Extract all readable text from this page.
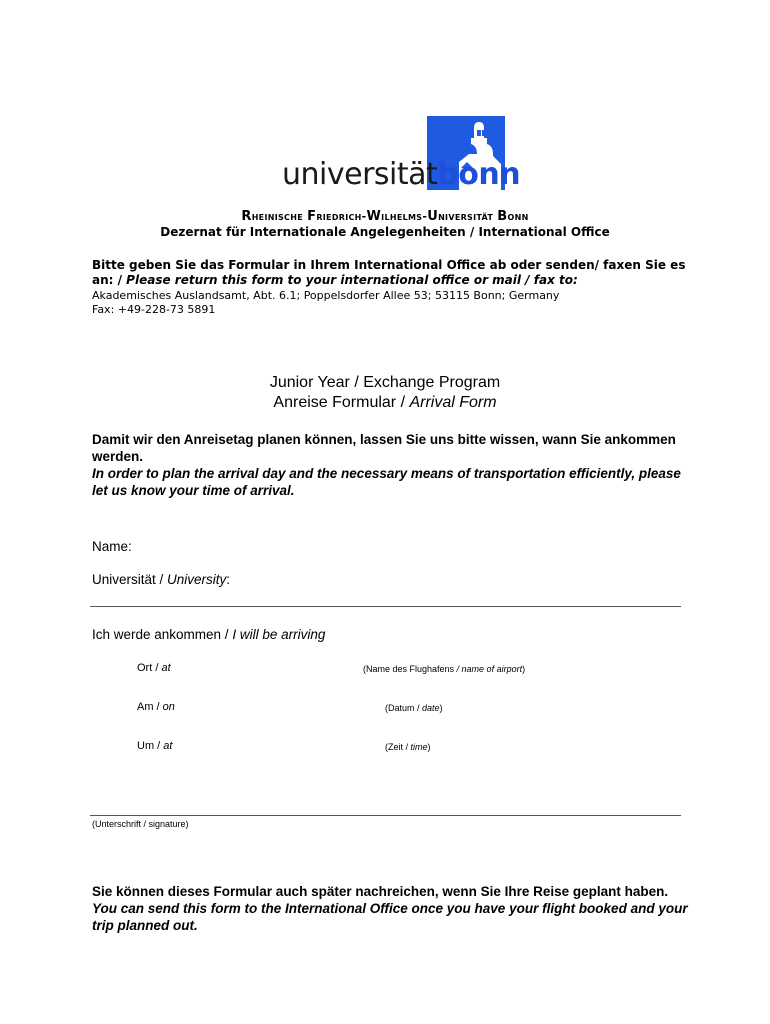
universitätbonn
Rheinische Friedrich-Wilhelms-Universität Bonn
Dezernat für Internationale Angelegenheiten / International Office
Bitte geben Sie das Formular in Ihrem International Office ab oder senden/ faxen Sie es an: / Please return this form to your international office or mail / fax to:
Akademisches Auslandsamt, Abt. 6.1; Poppelsdorfer Allee 53; 53115 Bonn; Germany
Fax: +49-228-73 5891
Junior Year / Exchange Program
Anreise Formular / Arrival Form
Damit wir den Anreisetag planen können, lassen Sie uns bitte wissen, wann Sie ankommen werden.
In order to plan the arrival day and the necessary means of transportation efficiently, please let us know your time of arrival.
Name:
Universität / University:
Ich werde ankommen / I will be arriving
Ort / at	(Name des Flughafens / name of airport)
Am / on	(Datum / date)
Um / at	(Zeit / time)
(Unterschrift / signature)
Sie können dieses Formular auch später nachreichen, wenn Sie Ihre Reise geplant haben.
You can send this form to the International Office once you have your flight booked and your trip planned out.
